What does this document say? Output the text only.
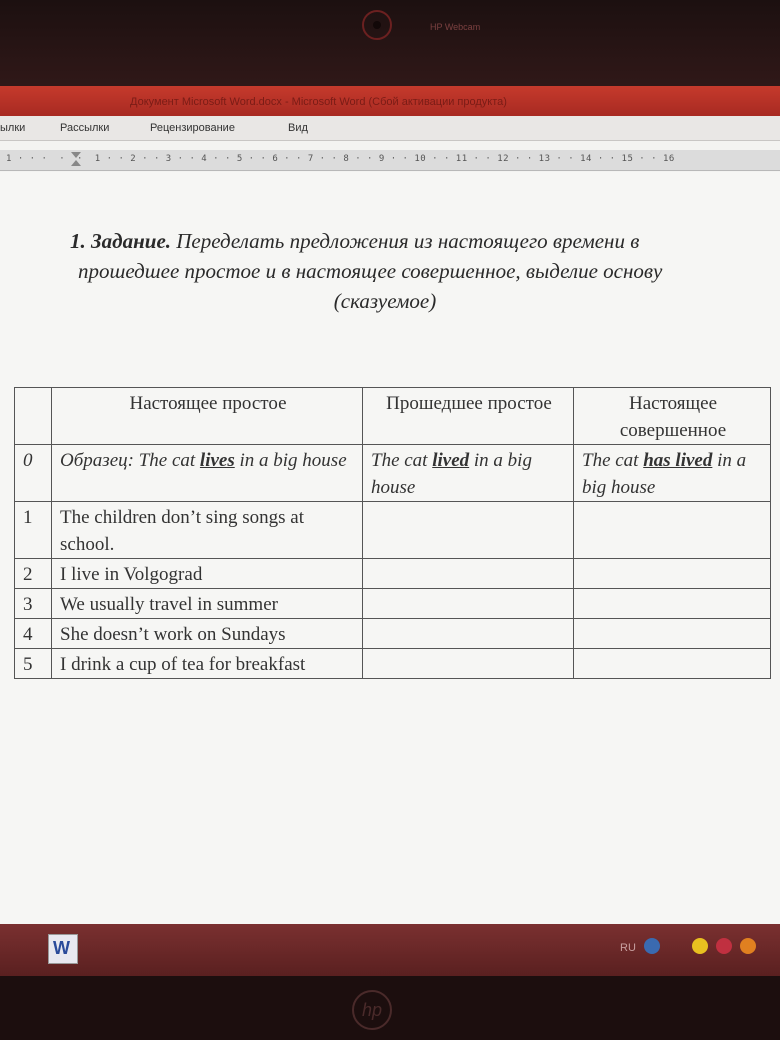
HP Webcam
Документ Microsoft Word.docx - Microsoft Word (Сбой активации продукта)
ылки	Рассылки	Рецензирование	Вид
1 · · ·  ·  ·  1 · · 2 · · 3 · · 4 · · 5 · · 6 · · 7 · · 8 · · 9 · · 10 · · 11 · · 12 · · 13 · · 14 · · 15 · · 16
1. Задание. Переделать предложения из настоящего времени в
прошедшее простое и в настоящее совершенное, выделие основу
(сказуемое)
	Настоящее простое	Прошедшее простое	Настоящее совершенное
0	Образец: The cat lives in a big house	The cat lived in a big house	The cat has lived in a big house
1	The children don’t sing songs at school.		
2	I live in Volgograd		
3	We usually travel in summer		
4	She doesn’t work on Sundays		
5	I drink a cup of tea for breakfast		
W	RU
hp
